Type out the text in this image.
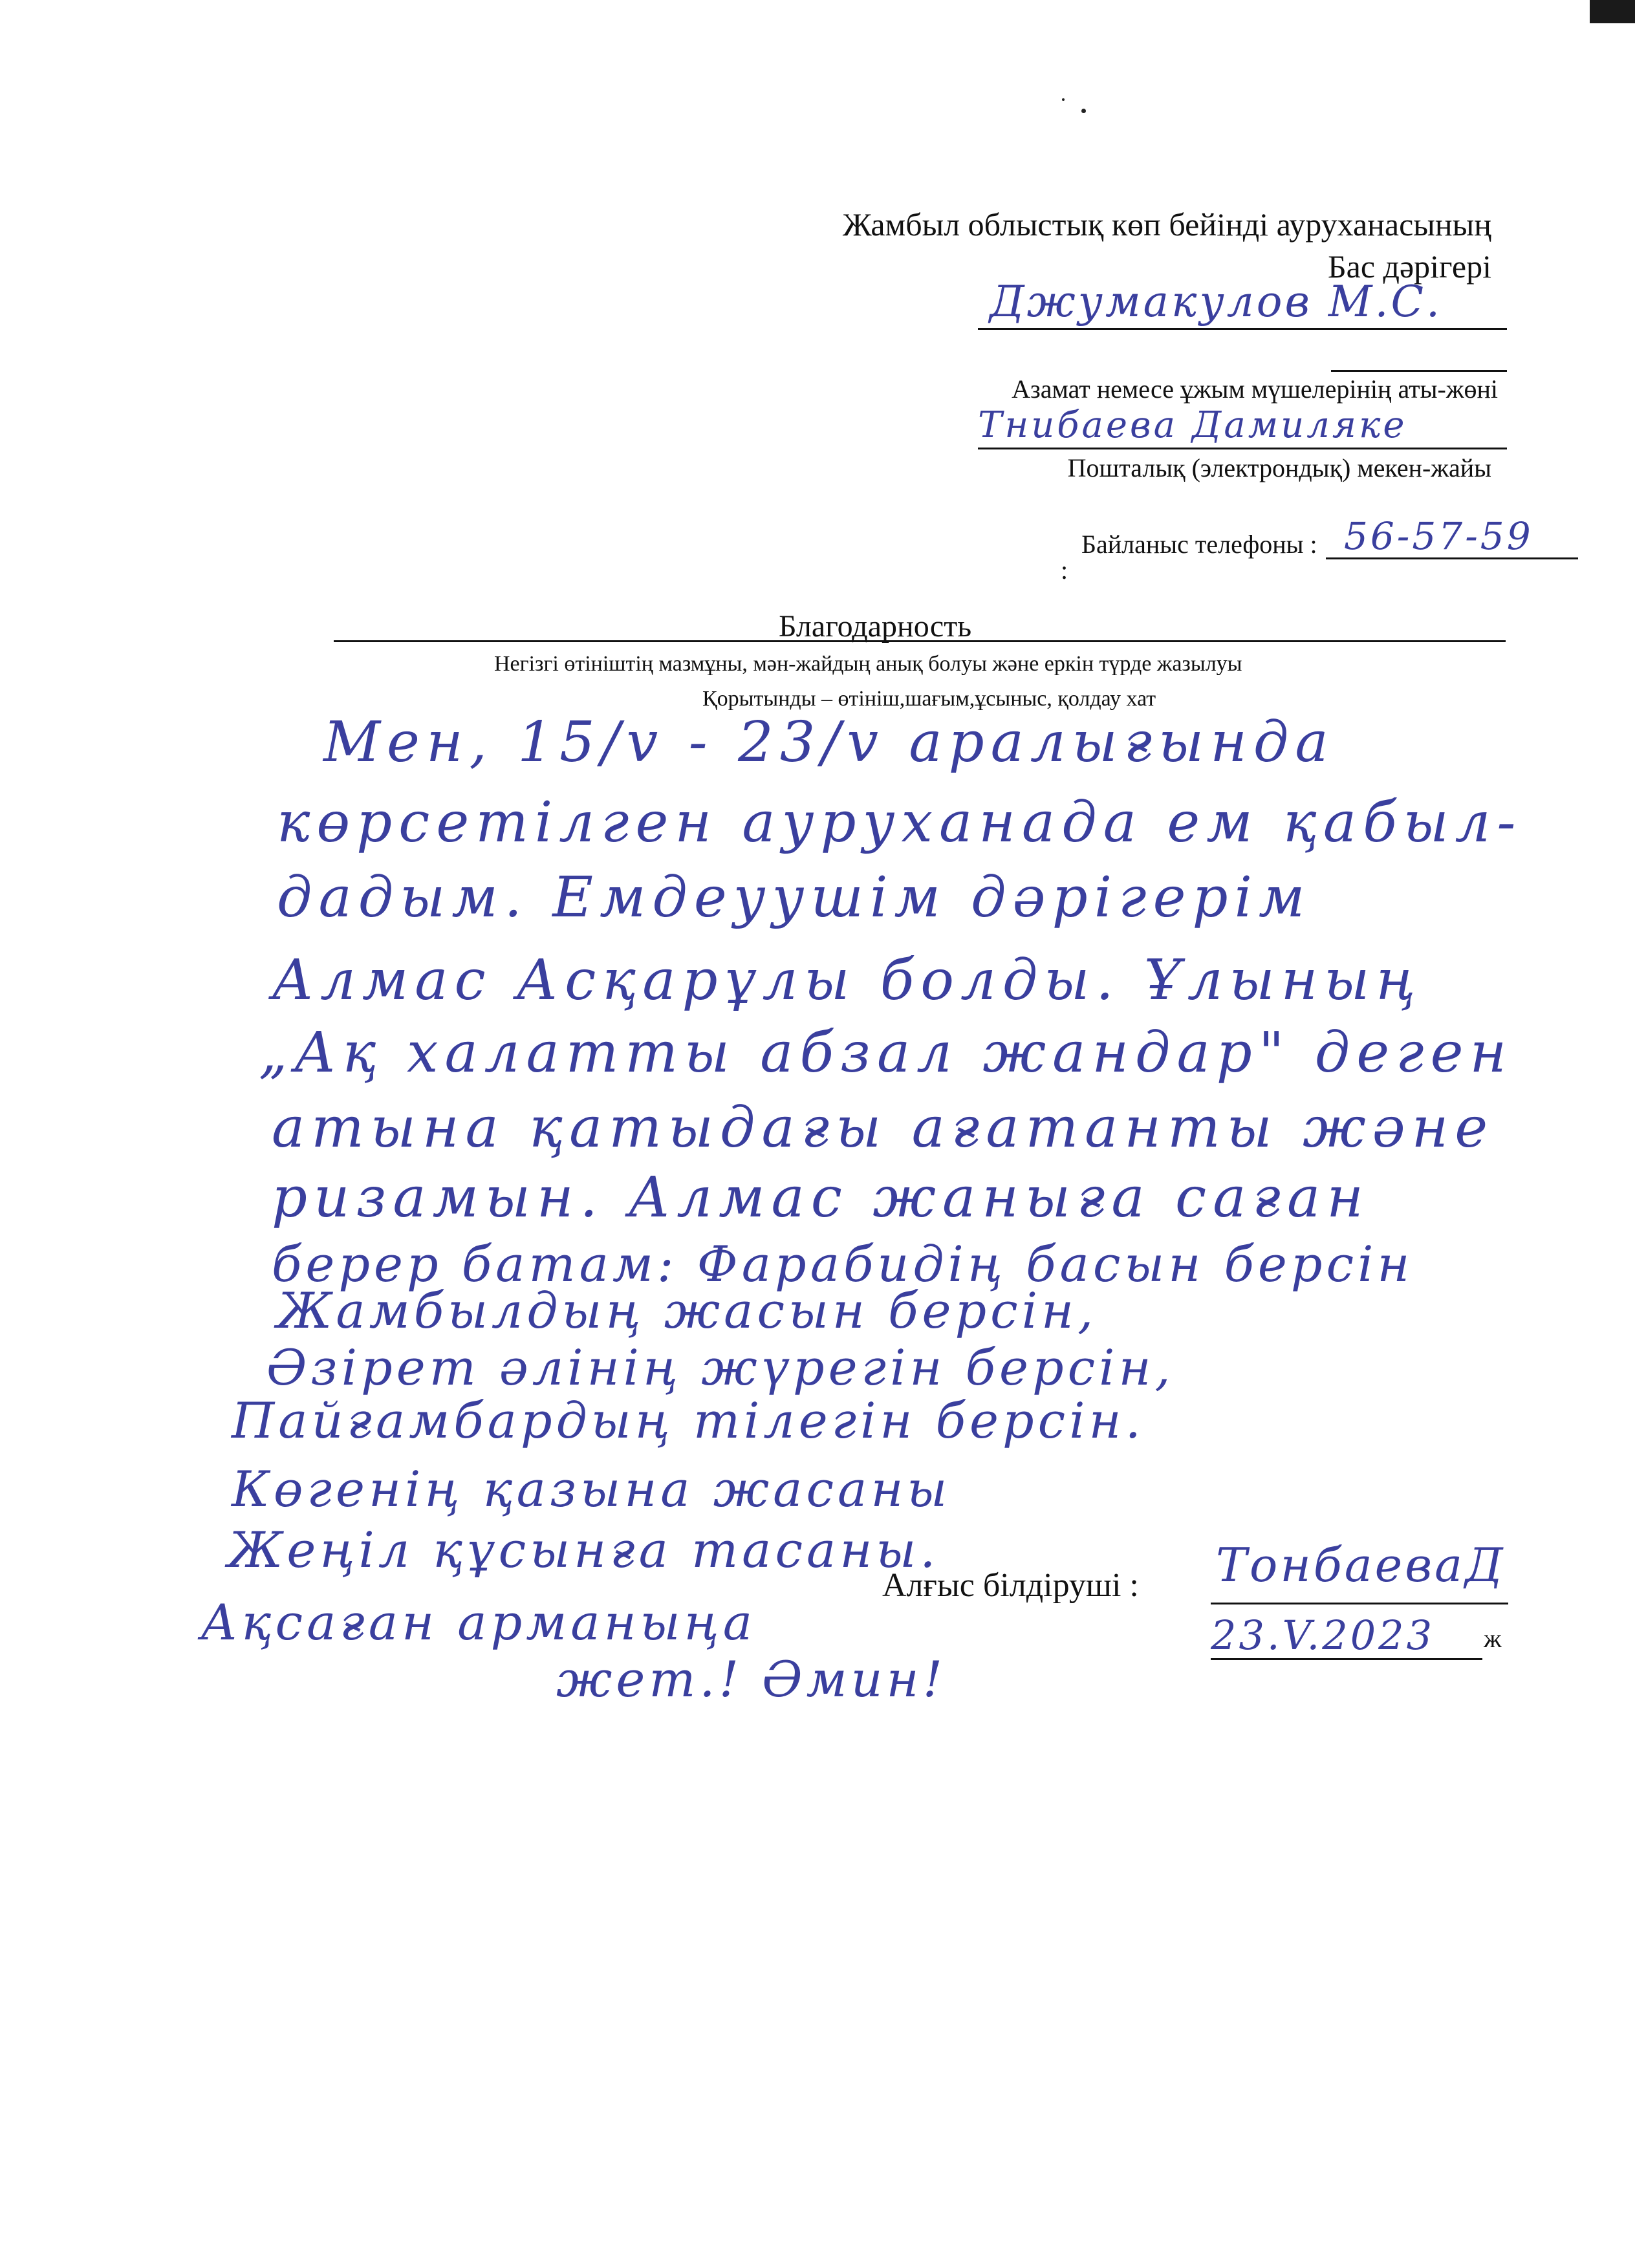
Жамбыл облыстық көп бейінді ауруханасының
Бас дәрігері
Джумакулов М.С.
Азамат немесе ұжым мүшелерінің аты-жөні
Тнибаева Дамиляке
Пошталық (электрондық) мекен-жайы
Байланыс телефоны : 56-57-59
:
Благодарность
Негізгі өтініштің мазмұны, мән-жайдың анық болуы және еркін түрде жазылуы
Қорытынды – өтініш,шағым,ұсыныс, қолдау хат
Мен, 15/v - 23/v аралығында
көрсетілген ауруханада ем қабыл-
дадым. Емдеуушім дәрігерім
Алмас Асқарұлы болды. Ұлының
„Ақ халатты абзал жандар" деген
атына қатыдағы ағатанты және
ризамын. Алмас жаныға саған
берер батам: Фарабидің басын берсін
Жамбылдың жасын берсін,
Әзірет әлінің жүрегін берсін,
Пайғамбардың тілегін берсін.
Көгенің қазына жасаны
Жеңіл құсынға тасаны.
Ақсаған арманыңа
жет.! Әмин!
Алғыс білдіруші : ТонбаеваД
23.V.2023 ж
